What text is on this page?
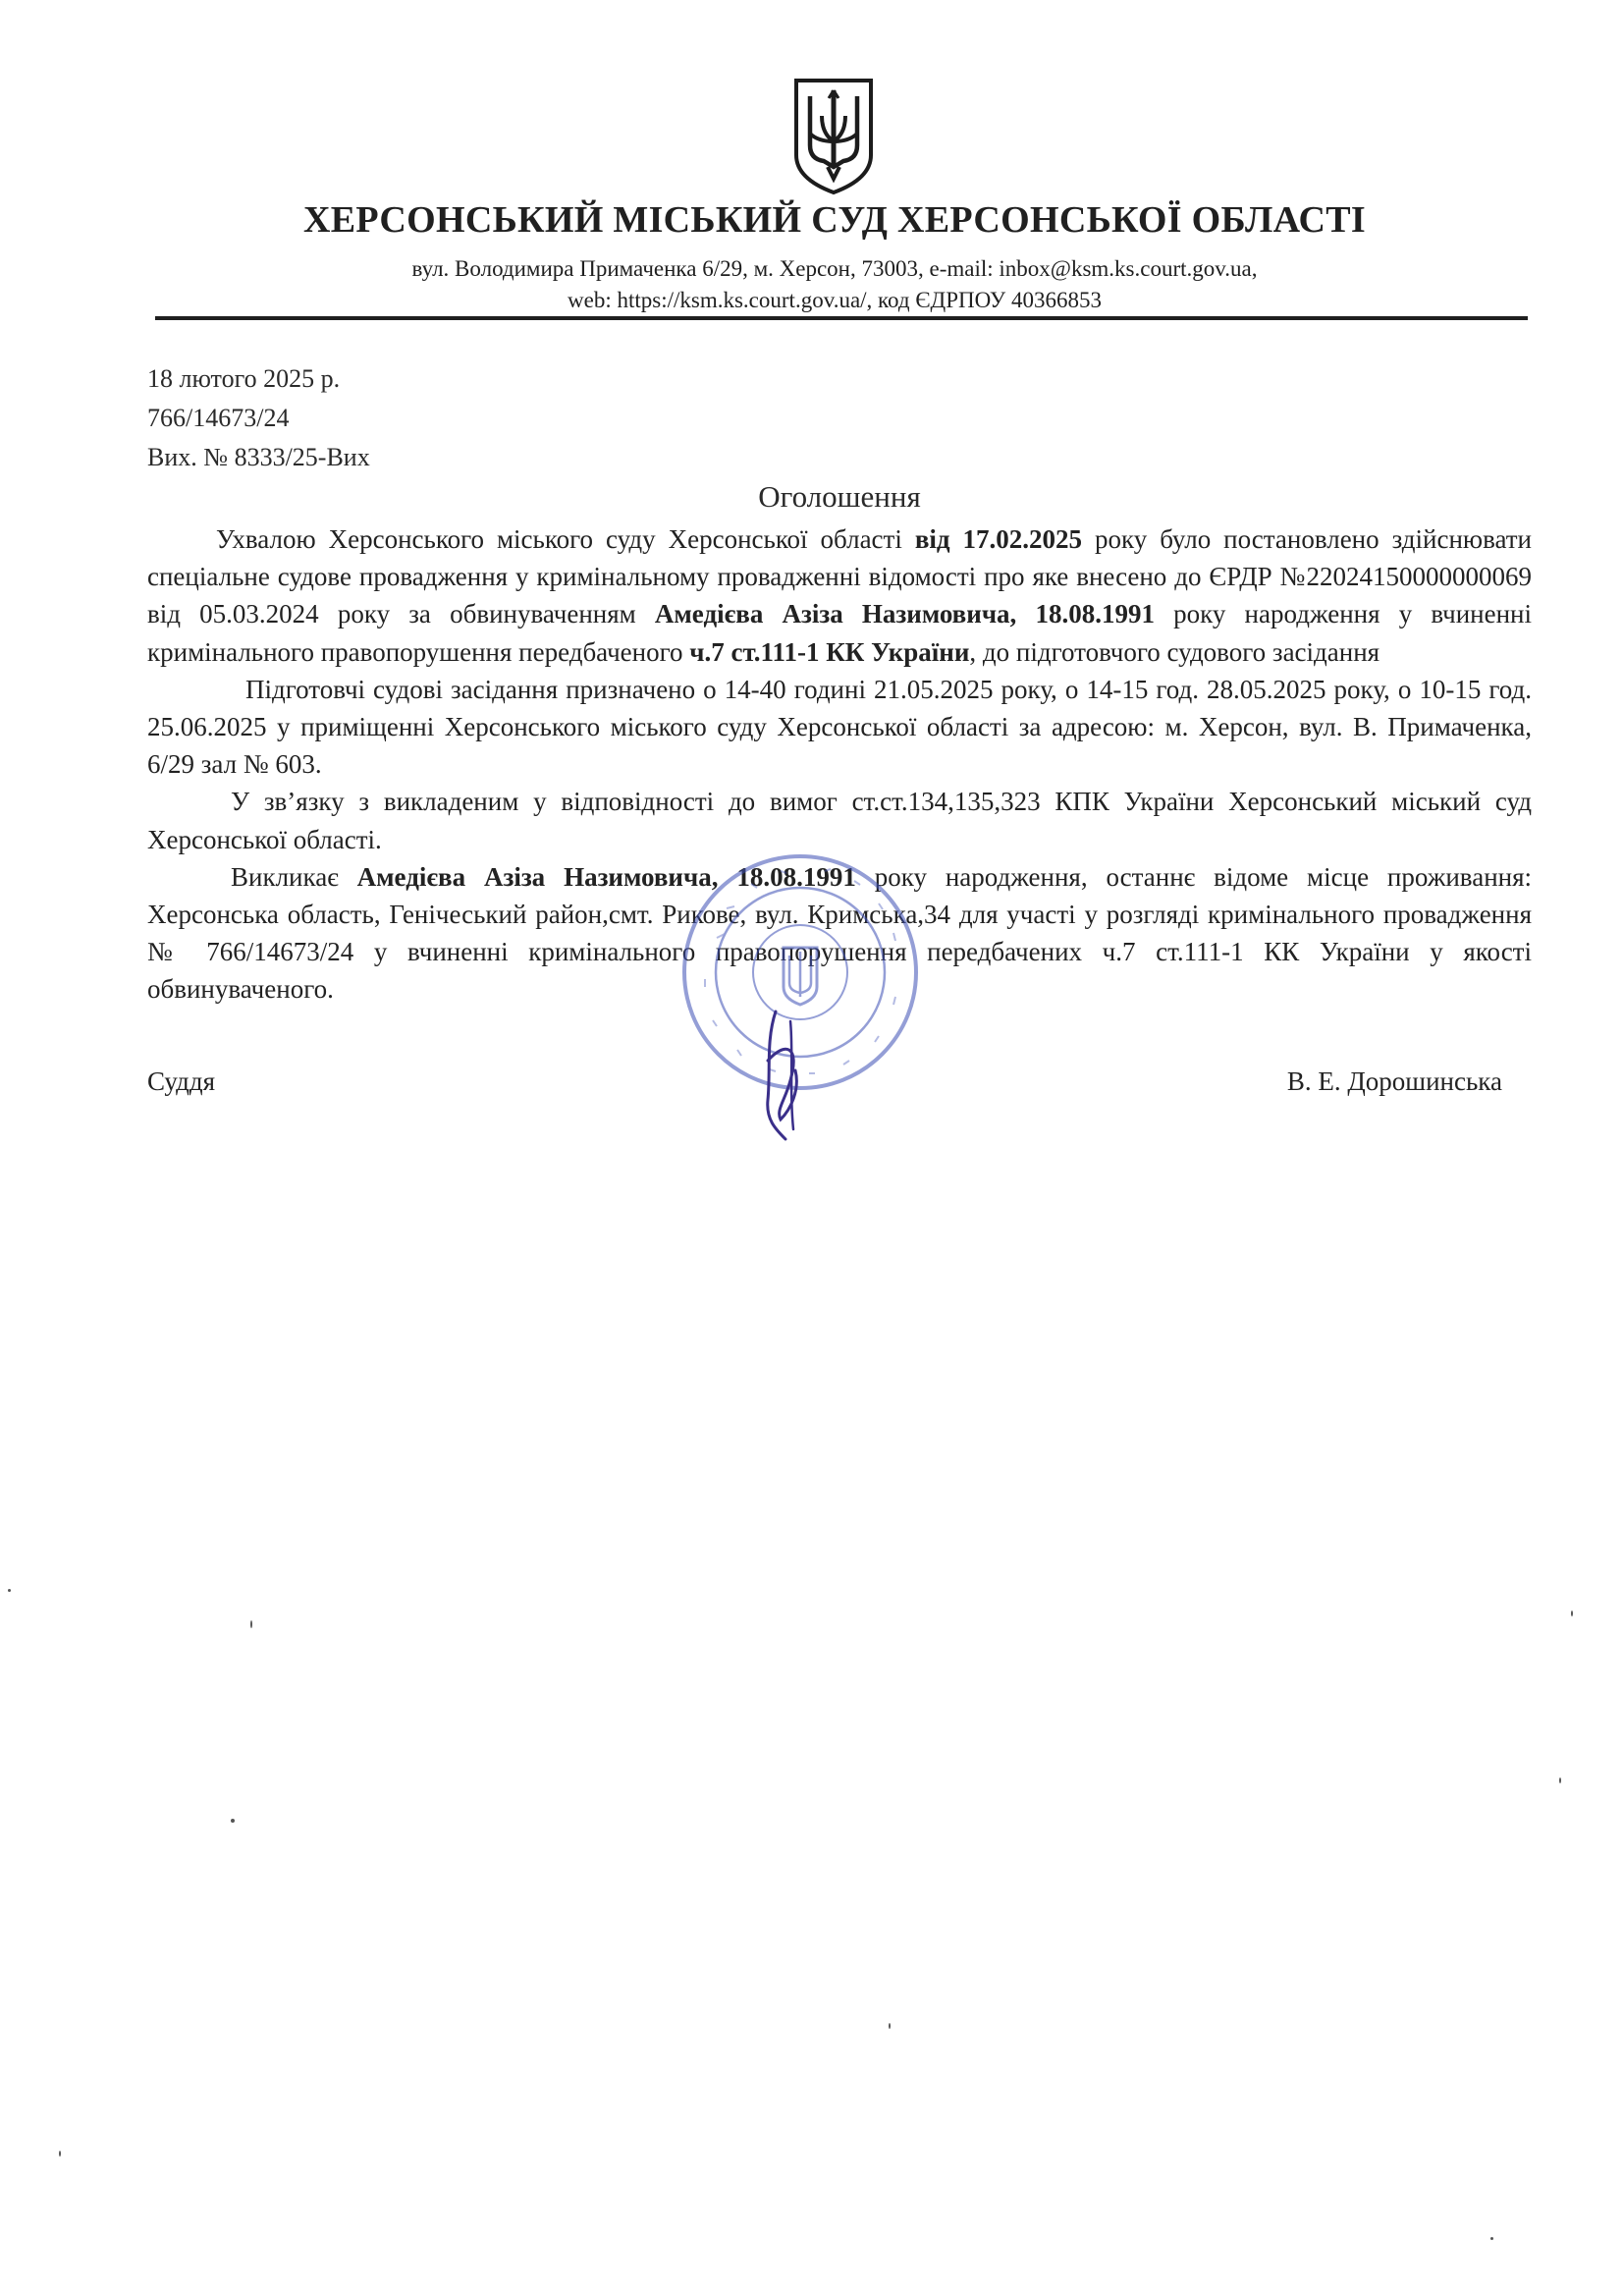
ХЕРСОНСЬКИЙ МІСЬКИЙ СУД ХЕРСОНСЬКОЇ ОБЛАСТІ
вул. Володимира Примаченка 6/29, м. Херсон, 73003, e-mail: inbox@ksm.ks.court.gov.ua,
web: https://ksm.ks.court.gov.ua/, код ЄДРПОУ 40366853
18 лютого 2025 р.
766/14673/24
Вих. № 8333/25-Вих
Оголошення

Ухвалою Херсонського міського суду Херсонської області від 17.02.2025 року було постановлено здійснювати спеціальне судове провадження у кримінальному провадженні відомості про яке внесено до ЄРДР №22024150000000069 від 05.03.2024 року за обвинуваченням Амедієва Азіза Назимовича, 18.08.1991 року народження у вчиненні кримінального правопорушення передбаченого ч.7 ст.111-1 КК України, до підготовчого судового засідання

Підготовчі судові засідання призначено о 14-40 годині 21.05.2025 року, о 14-15 год. 28.05.2025 року, о 10-15 год. 25.06.2025 у приміщенні Херсонського міського суду Херсонської області за адресою: м. Херсон, вул. В. Примаченка, 6/29 зал № 603.

У зв’язку з викладеним у відповідності до вимог ст.ст.134,135,323 КПК України Херсонський міський суд Херсонської області.

Викликає Амедієва Азіза Назимовича, 18.08.1991 року народження, останнє відоме місце проживання: Херсонська область, Генічеський район,смт. Рикове, вул. Кримська,34 для участі у розгляді кримінального провадження № 766/14673/24 у вчиненні кримінального правопорушення передбачених ч.7 ст.111-1 КК України у якості обвинуваченого.

Суддя	В. Е. Дорошинська
